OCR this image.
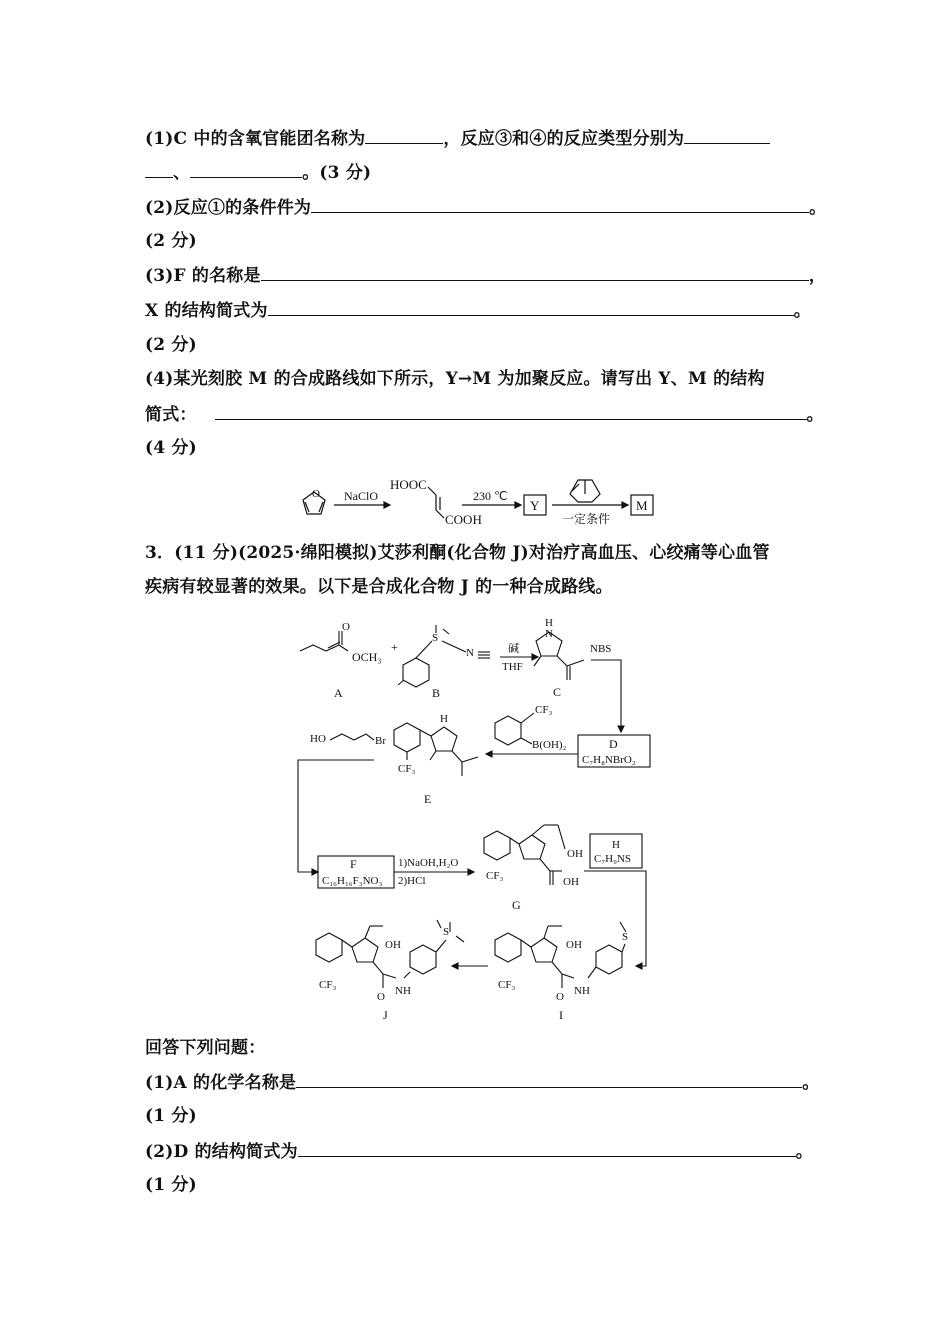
(1)C 中的含氧官能团名称为	，反应③和④的反应类型分别为
、	。(3 分)
(2)反应①的条件件为	。
(2 分)
(3)F 的名称是	，
X 的结构简式为	。
(2 分)
(4)某光刻胶 M 的合成路线如下所示，Y→M 为加聚反应。请写出 Y、M 的结构
简式：	。
(4 分)
O NaClO
HOOC
COOH
230 ℃
Y
一定条件
M
3．(11 分)(2025·绵阳模拟)艾莎利酮(化合物 J)对治疗高血压、心绞痛等心血管
疾病有较显著的效果。以下是合成化合物 J 的一种合成路线。
O
OCH₃
+
A
S
N
B
碱
THF
H
N
C
NBS
D
C₇H₈NBrO₂
CF₃
B(OH)₂
HO	Br
H
CF₃
E
F
C₁₆H₁₆F₃NO₃
1)NaOH,H₂O
2)HCl
OH
CF₃	OH
G
H
C₇H₉NS
OH
S
CF₃	NH
O
I
OH
S
CF₃	NH
O
J
回答下列问题：
(1)A 的化学名称是	。
(1 分)
(2)D 的结构简式为	。
(1 分)
